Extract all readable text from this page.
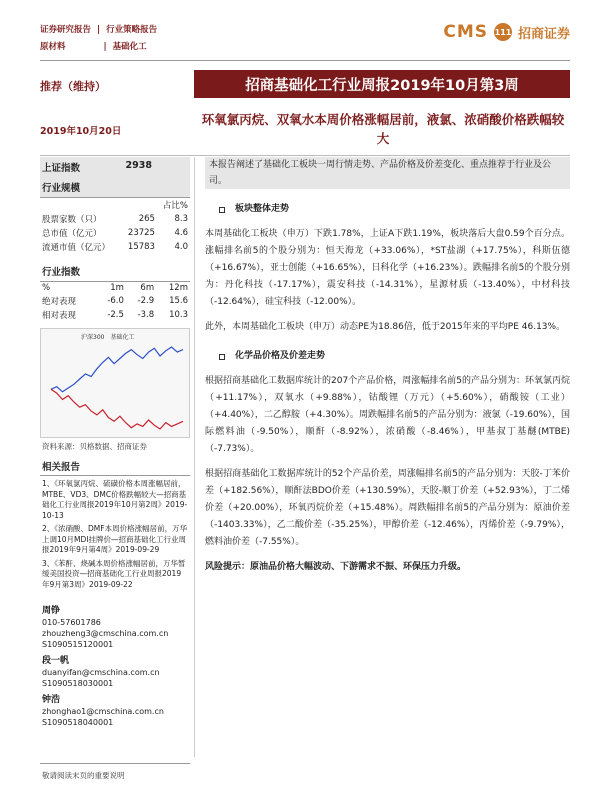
证券研究报告 | 行业策略报告
原材料	| 基础化工
CMS 111 招商证券
推荐（维持）	招商基础化工行业周报2019年10月第3周
2019年10月20日
环氧氯丙烷、双氧水本周价格涨幅居前，液氯、浓硝酸价格跌幅较大
上证指数	2938
行业规模
		占比%
股票家数（只）	265	8.3
总市值（亿元）	23725	4.6
流通市值（亿元）	15783	4.0
行业指数
%	1m	6m	12m
绝对表现	-6.0	-2.9	15.6
相对表现	-2.5	-3.8	10.3
沪深300　基础化工
资料来源：贝格数据、招商证券
相关报告
1、《环氧氯丙烷、硫磺价格本周涨幅居前，MTBE、VD3、DMC价格跌幅较大—招商基础化工行业周报2019年10月第2周》2019-10-13
2、《浓硝酸、DMF本周价格涨幅居前，万华上调10月MDI挂牌价—招商基础化工行业周报2019年9月第4周》2019-09-29
3、《苯酐、烧碱本周价格涨幅居前，万华暂缓美国投资—招商基础化工行业周报2019年9月第3周》2019-09-22
周铮
010-57601786
zhouzheng3@cmschina.com.cn
S1090515120001
段一帆
duanyifan@cmschina.com.cn
S1090518030001
钟浩
zhonghao1@cmschina.com.cn
S1090518040001
敬请阅读末页的重要说明
本报告阐述了基础化工板块一周行情走势、产品价格及价差变化、重点推荐于行业及公司。
板块整体走势
本周基础化工板块（申万）下跌1.78%，上证A下跌1.19%，板块落后大盘0.59个百分点。涨幅排名前5的个股分别为：恒天海龙（+33.06%），*ST盐湖（+17.75%），科斯伍德（+16.67%），亚士创能（+16.65%），日科化学（+16.23%）。跌幅排名前5的个股分别为：丹化科技（-17.17%），震安科技（-14.31%），星源材质（-13.40%），中材科技（-12.64%），硅宝科技（-12.00%）。
此外，本周基础化工板块（申万）动态PE为18.86倍，低于2015年来的平均PE 46.13%。
化学品价格及价差走势
根据招商基础化工数据库统计的207个产品价格，周涨幅排名前5的产品分别为：环氧氯丙烷（+11.17%），双氧水（+9.88%），钴酸锂（万元）（+5.60%），硝酸铵（工业）（+4.40%），二乙醇胺（+4.30%）。周跌幅排名前5的产品分别为：液氯（-19.60%），国际燃料油（-9.50%），顺酐（-8.92%），浓硝酸（-8.46%），甲基叔丁基醚(MTBE)（-7.73%）。
根据招商基础化工数据库统计的52个产品价差，周涨幅排名前5的产品分别为：天胶-丁苯价差（+182.56%），顺酐法BDO价差（+130.59%），天胶-顺丁价差（+52.93%），丁二烯价差（+20.00%），环氧丙烷价差（+15.48%）。周跌幅排名前5的产品分别为：原油价差（-1403.33%），乙二酸价差（-35.25%），甲醇价差（-12.46%），丙烯价差（-9.79%），燃料油价差（-7.55%）。
风险提示：原油品价格大幅波动、下游需求不振、环保压力升级。
